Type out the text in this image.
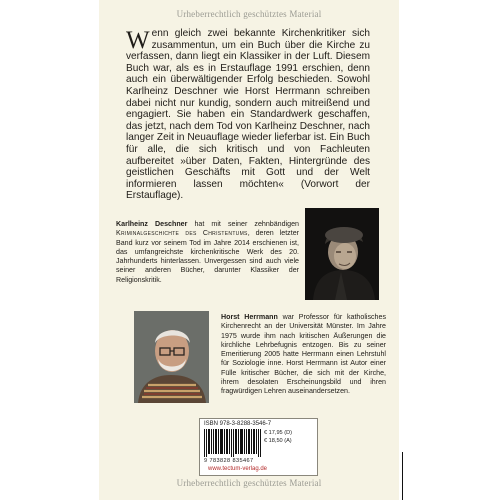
Urheberrechtlich geschütztes Material
Wenn gleich zwei bekannte Kirchenkritiker sich zusammentun, um ein Buch über die Kirche zu verfassen, dann liegt ein Klassiker in der Luft. Diesem Buch war, als es in Erstauflage 1991 erschien, denn auch ein überwältigender Erfolg beschieden. Sowohl Karlheinz Deschner wie Horst Herrmann schreiben dabei nicht nur kundig, sondern auch mitreißend und engagiert. Sie haben ein Standardwerk geschaffen, das jetzt, nach dem Tod von Karlheinz Deschner, nach langer Zeit in Neuauflage wieder lieferbar ist. Ein Buch für alle, die sich kritisch und von Fachleuten aufbereitet »über Daten, Fakten, Hintergründe des geistlichen Geschäfts mit Gott und der Welt informieren lassen möchten« (Vorwort der Erstauflage).
Karlheinz Deschner hat mit seiner zehnbändigen Kriminalgeschichte des Christentums, deren letzter Band kurz vor seinem Tod im Jahre 2014 erschienen ist, das umfangreichste kirchenkritische Werk des 20. Jahrhunderts hinterlassen. Unvergessen sind auch viele seiner anderen Bücher, darunter Klassiker der Religionskritik.
Horst Herrmann war Professor für katholisches Kirchenrecht an der Universität Münster. Im Jahre 1975 wurde ihm nach kritischen Äußerungen die kirchliche Lehrbefugnis entzogen. Bis zu seiner Emeritierung 2005 hatte Herrmann einen Lehrstuhl für Soziologie inne. Horst Herrmann ist Autor einer Fülle kritischer Bücher, die sich mit der Kirche, ihrem desolaten Erscheinungsbild und ihren fragwürdigen Lehren auseinandersetzen.
ISBN 978-3-8288-3546-7
€ 17,95 (D)
€ 18,50 (A)
9 783828 835467
www.tectum-verlag.de
Urheberrechtlich geschütztes Material
